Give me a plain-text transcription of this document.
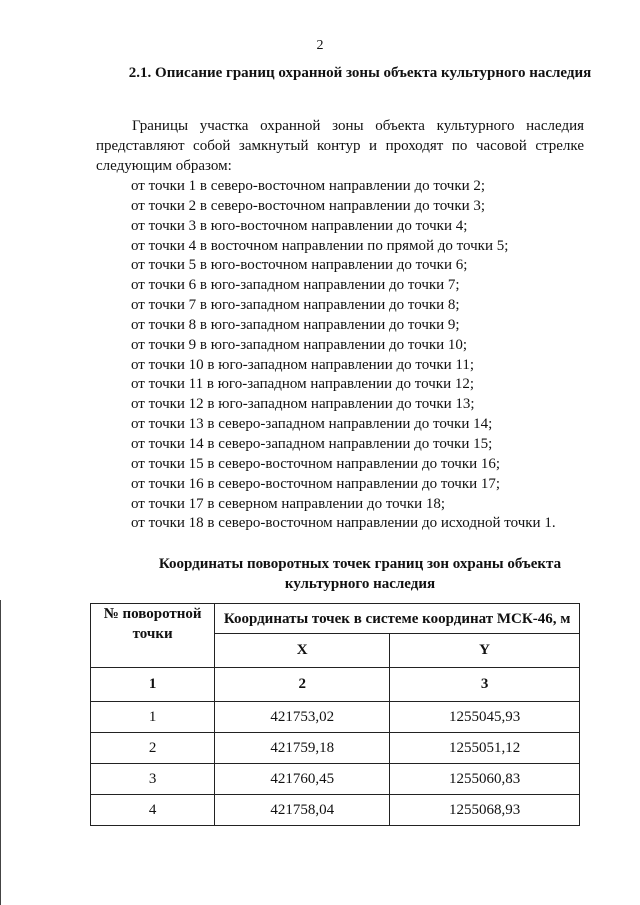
2
2.1. Описание границ охранной зоны объекта культурного наследия

Границы участка охранной зоны объекта культурного наследия представляют собой замкнутый контур и проходят по часовой стрелке следующим образом:

от точки 1 в северо-восточном направлении до точки 2;
от точки 2 в северо-восточном направлении до точки 3;
от точки 3 в юго-восточном направлении до точки 4;
от точки 4 в восточном направлении по прямой до точки 5;
от точки 5 в юго-восточном направлении до точки 6;
от точки 6 в юго-западном направлении до точки 7;
от точки 7 в юго-западном направлении до точки 8;
от точки 8 в юго-западном направлении до точки 9;
от точки 9 в юго-западном направлении до точки 10;
от точки 10 в юго-западном направлении до точки 11;
от точки 11 в юго-западном направлении до точки 12;
от точки 12 в юго-западном направлении до точки 13;
от точки 13 в северо-западном направлении до точки 14;
от точки 14 в северо-западном направлении до точки 15;
от точки 15 в северо-восточном направлении до точки 16;
от точки 16 в северо-восточном направлении до точки 17;
от точки 17 в северном направлении до точки 18;
от точки 18 в северо-восточном направлении до исходной точки 1.
Координаты поворотных точек границ зон охраны объекта культурного наследия
№ поворотной точки	Координаты точек в системе координат МСК-46, м	
	X	Y
1	2	3
1	421753,02	1255045,93
2	421759,18	1255051,12
3	421760,45	1255060,83
4	421758,04	1255068,93
